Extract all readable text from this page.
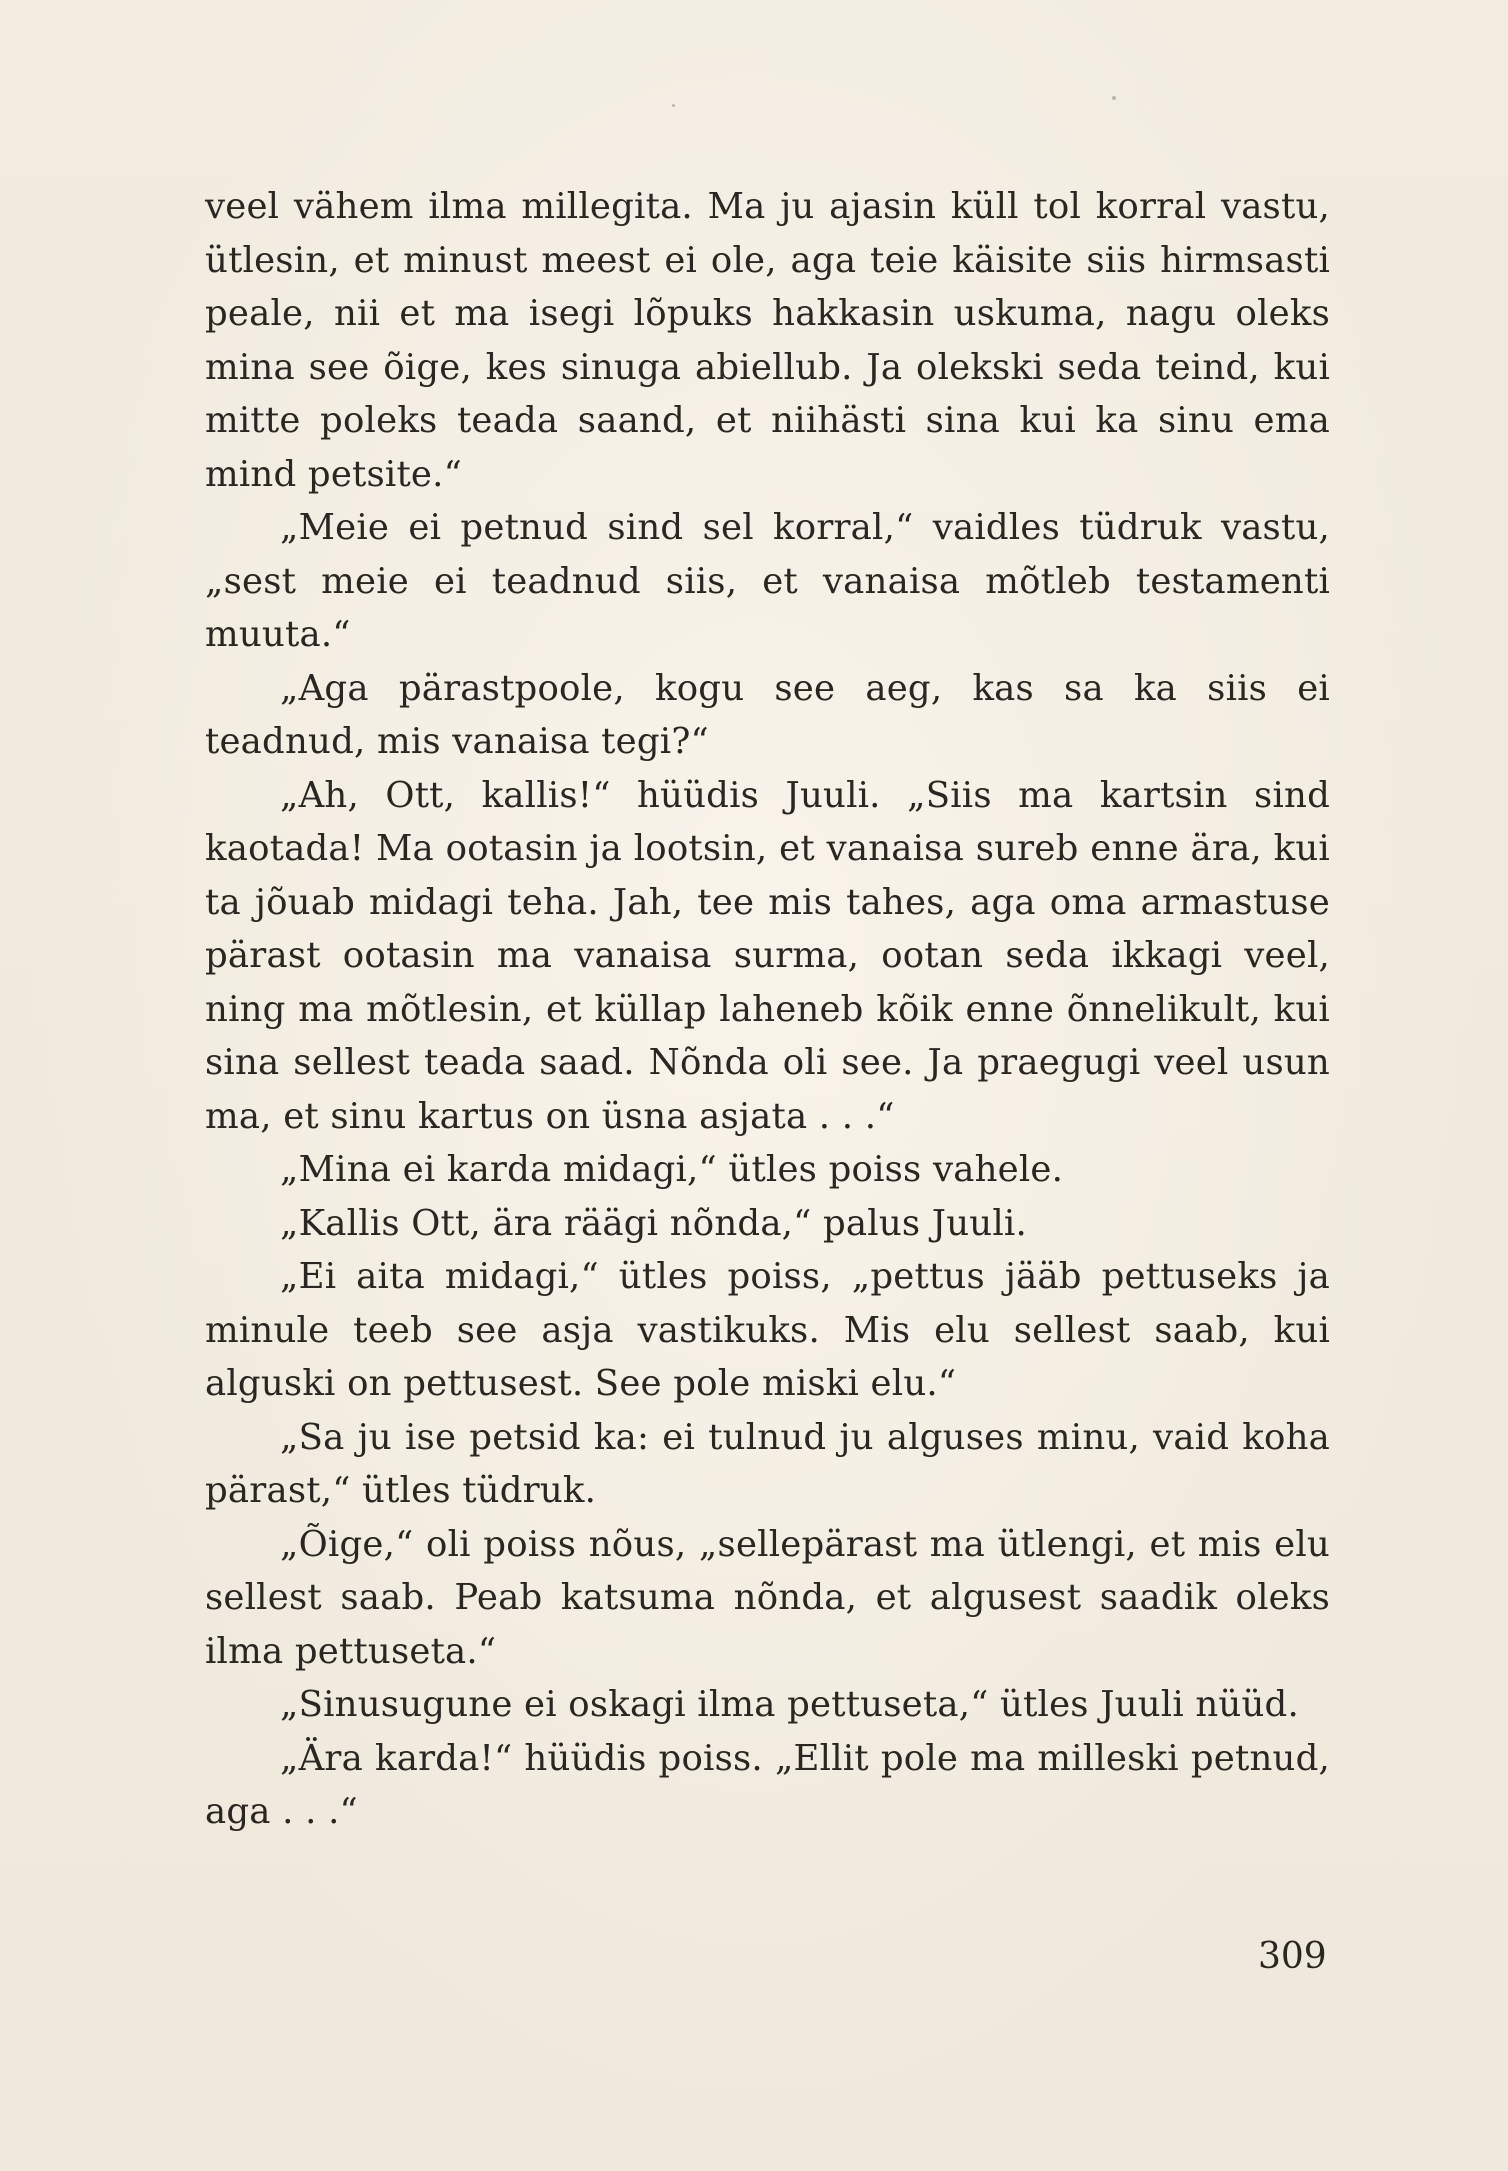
veel vähem ilma millegita. Ma ju ajasin küll tol korral vastu, ütlesin, et minust meest ei ole, aga teie käisite siis hirmsasti peale, nii et ma isegi lõpuks hakkasin uskuma, nagu oleks mina see õige, kes sinuga abiellub. Ja olekski seda teind, kui mitte poleks teada saand, et niihästi sina kui ka sinu ema mind petsite.“

„Meie ei petnud sind sel korral,“ vaidles tüdruk vastu, „sest meie ei teadnud siis, et vanaisa mõtleb testamenti muuta.“

„Aga pärastpoole, kogu see aeg, kas sa ka siis ei teadnud, mis vanaisa tegi?“

„Ah, Ott, kallis!“ hüüdis Juuli. „Siis ma kartsin sind kaotada! Ma ootasin ja lootsin, et vanaisa sureb enne ära, kui ta jõuab midagi teha. Jah, tee mis tahes, aga oma armastuse pärast ootasin ma vanaisa surma, ootan seda ikkagi veel, ning ma mõtlesin, et küllap laheneb kõik enne õnnelikult, kui sina sellest teada saad. Nõnda oli see. Ja praegugi veel usun ma, et sinu kartus on üsna asjata . . .“

„Mina ei karda midagi,“ ütles poiss vahele.

„Kallis Ott, ära räägi nõnda,“ palus Juuli.

„Ei aita midagi,“ ütles poiss, „pettus jääb pettuseks ja minule teeb see asja vastikuks. Mis elu sellest saab, kui alguski on pettusest. See pole miski elu.“

„Sa ju ise petsid ka: ei tulnud ju alguses minu, vaid koha pärast,“ ütles tüdruk.

„Õige,“ oli poiss nõus, „sellepärast ma ütlengi, et mis elu sellest saab. Peab katsuma nõnda, et algusest saadik oleks ilma pettuseta.“

„Sinusugune ei oskagi ilma pettuseta,“ ütles Juuli nüüd.

„Ära karda!“ hüüdis poiss. „Ellit pole ma milleski petnud, aga . . .“

309
